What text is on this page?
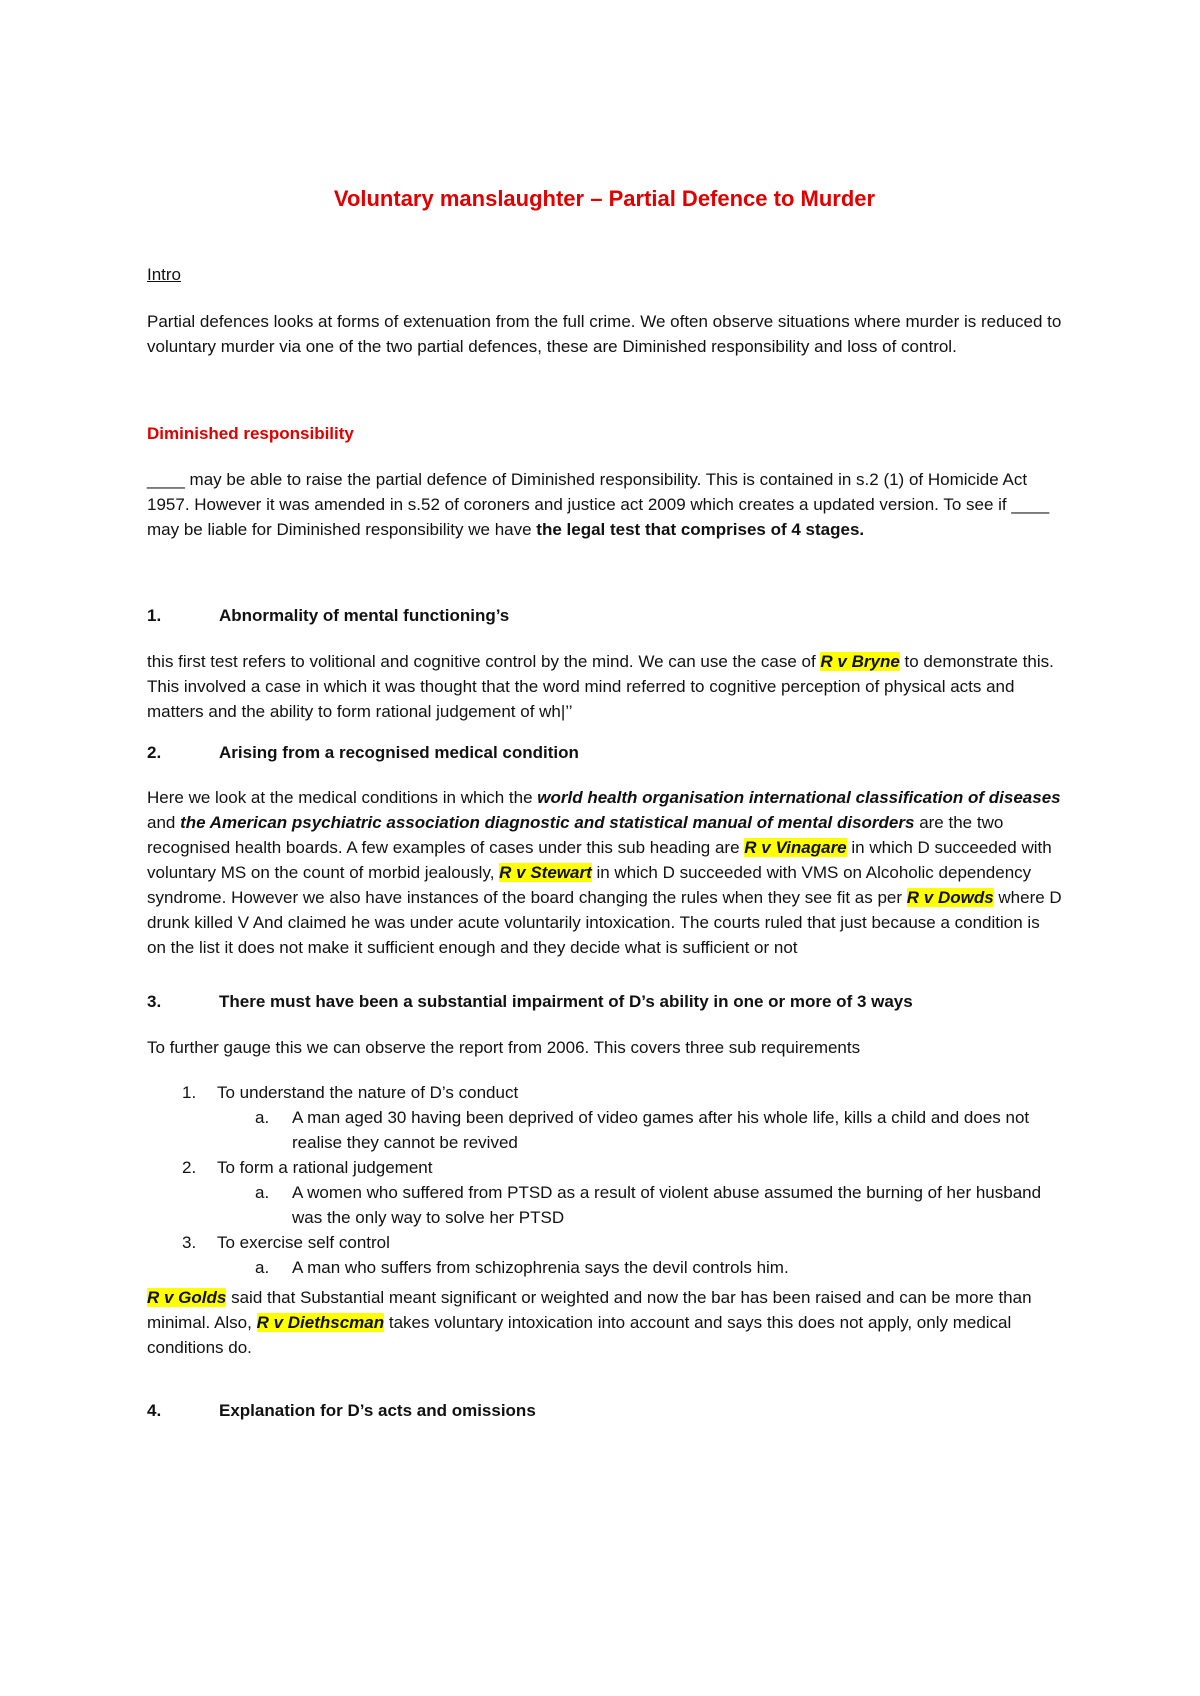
Voluntary manslaughter – Partial Defence to Murder

Intro

Partial defences looks at forms of extenuation from the full crime. We often observe situations where murder is reduced to voluntary murder via one of the two partial defences, these are Diminished responsibility and loss of control.

Diminished responsibility

____ may be able to raise the partial defence of Diminished responsibility. This is contained in s.2 (1) of Homicide Act 1957. However it was amended in s.52 of coroners and justice act 2009 which creates a updated version. To see if ____ may be liable for Diminished responsibility we have the legal test that comprises of 4 stages.

1.	Abnormality of mental functioning’s

this first test refers to volitional and cognitive control by the mind. We can use the case of R v Bryne to demonstrate this. This involved a case in which it was thought that the word mind referred to cognitive perception of physical acts and matters and the ability to form rational judgement of wh|’’

2.	Arising from a recognised medical condition

Here we look at the medical conditions in which the world health organisation international classification of diseases and the American psychiatric association diagnostic and statistical manual of mental disorders are the two recognised health boards. A few examples of cases under this sub heading are R v Vinagare in which D succeeded with voluntary MS on the count of morbid jealously, R v Stewart in which D succeeded with VMS on Alcoholic dependency syndrome. However we also have instances of the board changing the rules when they see fit as per R v Dowds where D drunk killed V And claimed he was under acute voluntarily intoxication. The courts ruled that just because a condition is on the list it does not make it sufficient enough and they decide what is sufficient or not

3.	There must have been a substantial impairment of D’s ability in one or more of 3 ways

To further gauge this we can observe the report from 2006. This covers three sub requirements

1. To understand the nature of D’s conduct
a. A man aged 30 having been deprived of video games after his whole life, kills a child and does not realise they cannot be revived
2. To form a rational judgement
a. A women who suffered from PTSD as a result of violent abuse assumed the burning of her husband was the only way to solve her PTSD
3. To exercise self control
a. A man who suffers from schizophrenia says the devil controls him.

R v Golds said that Substantial meant significant or weighted and now the bar has been raised and can be more than minimal. Also, R v Diethscman takes voluntary intoxication into account and says this does not apply, only medical conditions do.

4.	Explanation for D’s acts and omissions
